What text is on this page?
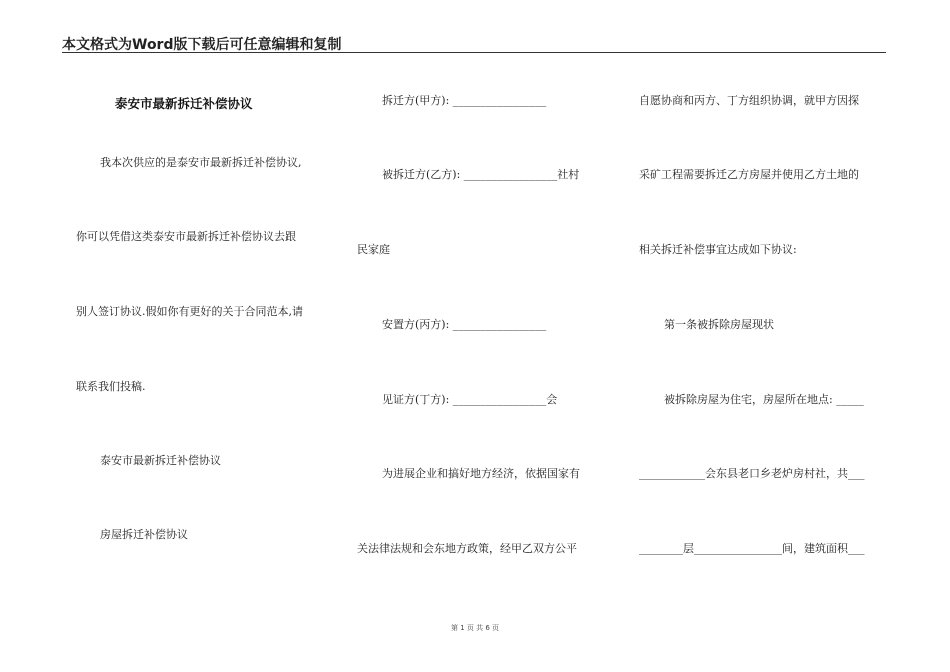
本文格式为Word版下载后可任意编辑和复制
泰安市最新拆迁补偿协议
我本次供应的是泰安市最新拆迁补偿协议,
你可以凭借这类泰安市最新拆迁补偿协议去跟
别人签订协议.假如你有更好的关于合同范本,请
联系我们投稿.
泰安市最新拆迁补偿协议
房屋拆迁补偿协议
拆迁方(甲方): _________________
被拆迁方(乙方): _________________社村
民家庭
安置方(丙方): _________________
见证方(丁方): _________________会
为进展企业和搞好地方经济，依据国家有
关法律法规和会东地方政策，经甲乙双方公平
自愿协商和丙方、丁方组织协调，就甲方因探
采矿工程需要拆迁乙方房屋并使用乙方土地的
相关拆迁补偿事宜达成如下协议:
第一条被拆除房屋现状
被拆除房屋为住宅，房屋所在地点: _____
____________会东县老口乡老炉房村社，共___
________层________________间，建筑面积___
第 1 页 共 6 页
